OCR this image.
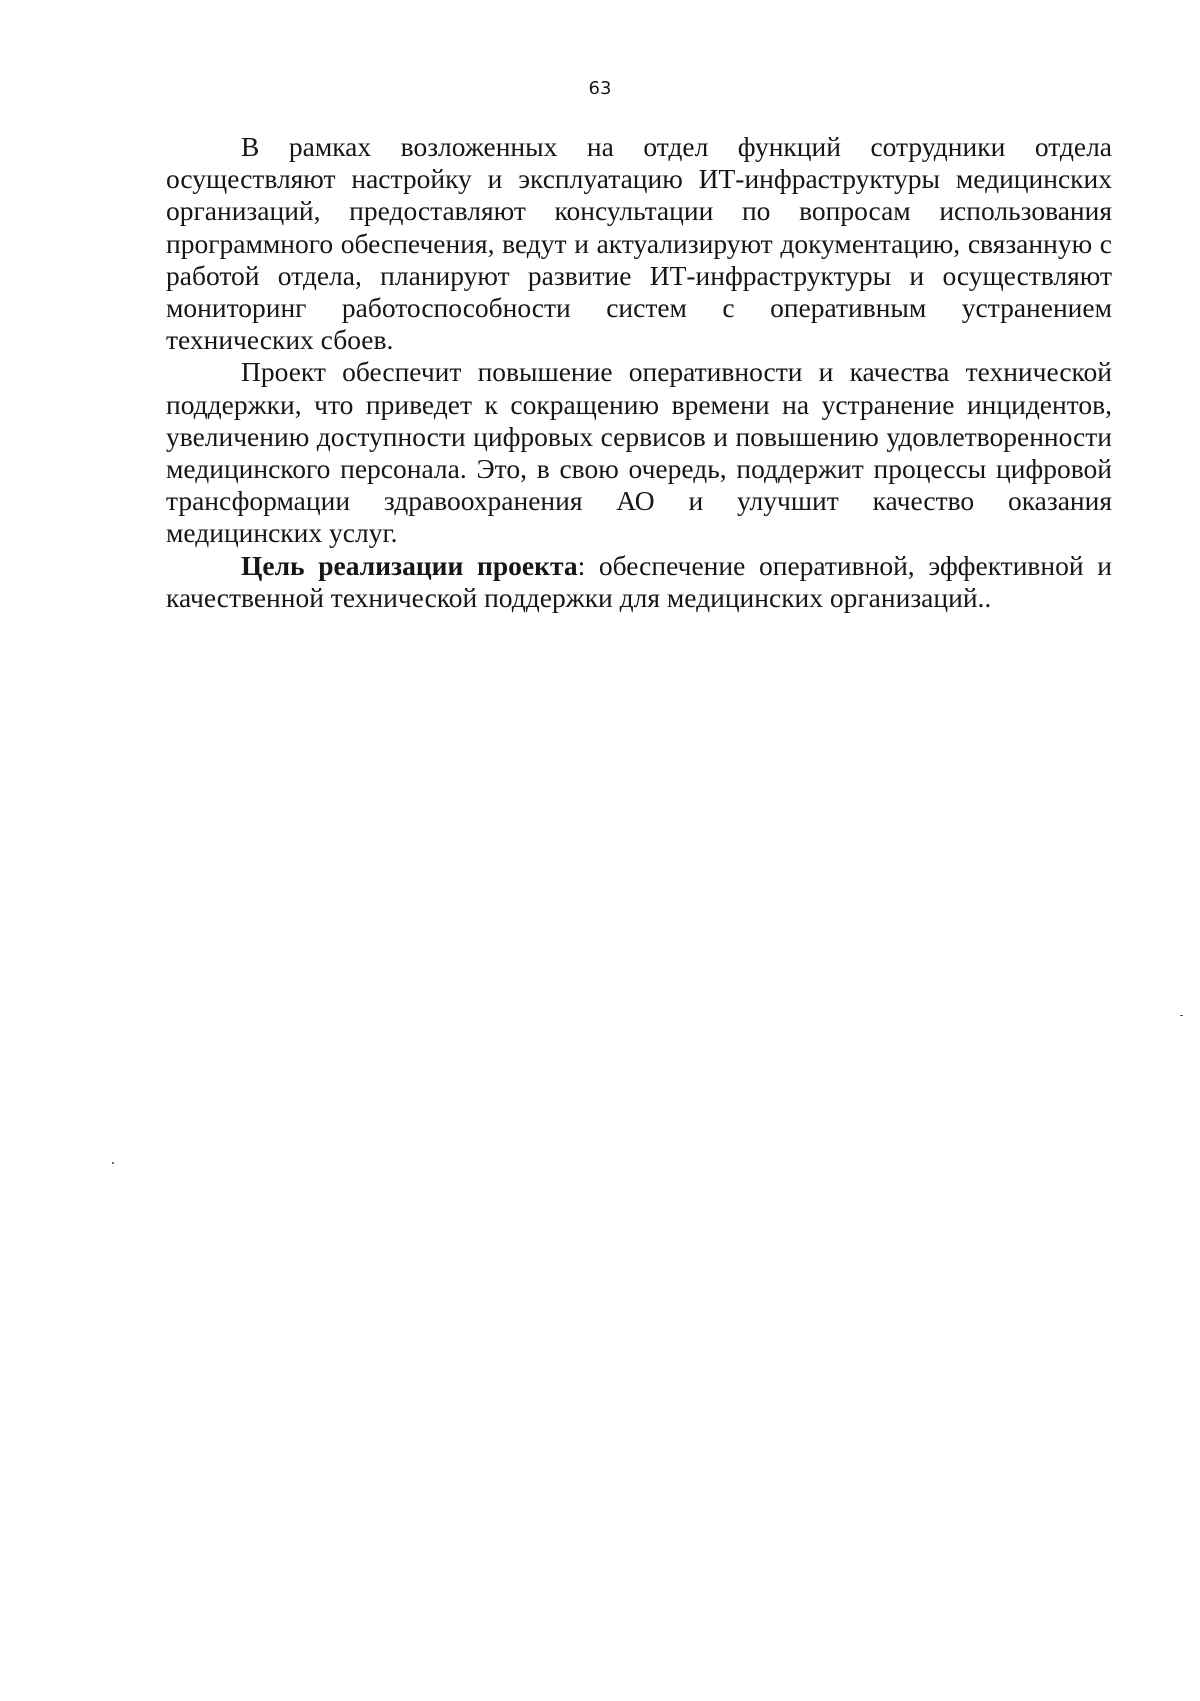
63

В рамках возложенных на отдел функций сотрудники отдела осуществляют настройку и эксплуатацию ИТ-инфраструктуры медицинских организаций, предоставляют консультации по вопросам использования программного обеспечения, ведут и актуализируют документацию, связанную с работой отдела, планируют развитие ИТ-инфраструктуры и осуществляют мониторинг работоспособности систем с оперативным устранением технических сбоев.

Проект обеспечит повышение оперативности и качества технической поддержки, что приведет к сокращению времени на устранение инцидентов, увеличению доступности цифровых сервисов и повышению удовлетворенности медицинского персонала. Это, в свою очередь, поддержит процессы цифровой трансформации здравоохранения АО и улучшит качество оказания медицинских услуг.

Цель реализации проекта: обеспечение оперативной, эффективной и качественной технической поддержки для медицинских организаций..
